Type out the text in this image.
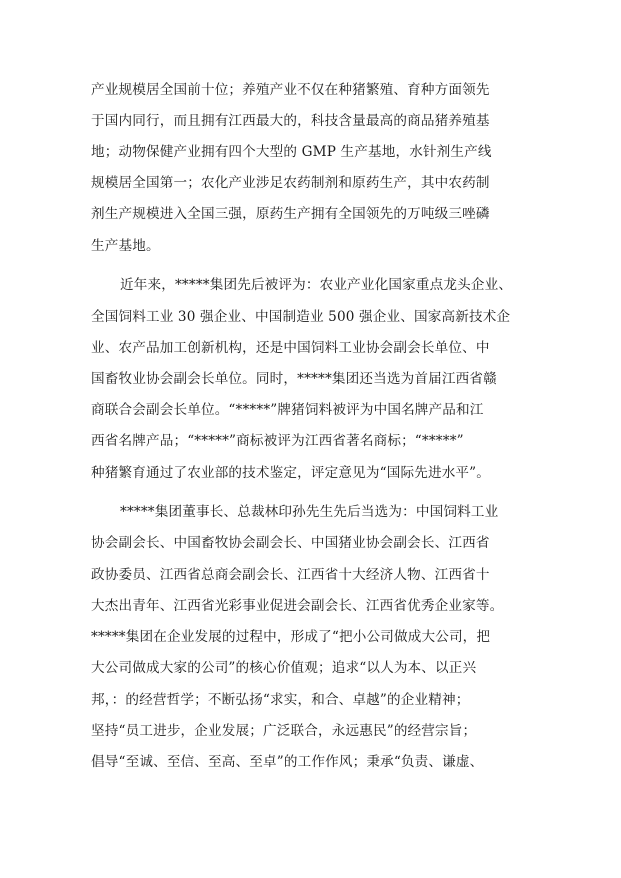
产业规模居全国前十位；养殖产业不仅在种猪繁殖、育种方面领先
于国内同行，而且拥有江西最大的，科技含量最高的商品猪养殖基
地；动物保健产业拥有四个大型的 GMP 生产基地，水针剂生产线
规模居全国第一；农化产业涉足农药制剂和原药生产，其中农药制
剂生产规模进入全国三强，原药生产拥有全国领先的万吨级三唑磷
生产基地。
近年来，*****集团先后被评为：农业产业化国家重点龙头企业、
全国饲料工业 30 强企业、中国制造业 500 强企业、国家高新技术企
业、农产品加工创新机构，还是中国饲料工业协会副会长单位、中
国畜牧业协会副会长单位。同时，*****集团还当选为首届江西省赣
商联合会副会长单位。“*****”牌猪饲料被评为中国名牌产品和江
西省名牌产品；“*****”商标被评为江西省著名商标；“*****”
种猪繁育通过了农业部的技术鉴定，评定意见为“国际先进水平”。
*****集团董事长、总裁林印孙先生先后当选为：中国饲料工业
协会副会长、中国畜牧协会副会长、中国猪业协会副会长、江西省
政协委员、江西省总商会副会长、江西省十大经济人物、江西省十
大杰出青年、江西省光彩事业促进会副会长、江西省优秀企业家等。
*****集团在企业发展的过程中，形成了“把小公司做成大公司，把
大公司做成大家的公司”的核心价值观；追求“以人为本、以正兴
邦，：的经营哲学；不断弘扬“求实，和合、卓越”的企业精神；
坚持“员工进步，企业发展；广泛联合，永远惠民”的经营宗旨；
倡导“至诚、至信、至高、至卓”的工作作风；秉承“负责、谦虚、
